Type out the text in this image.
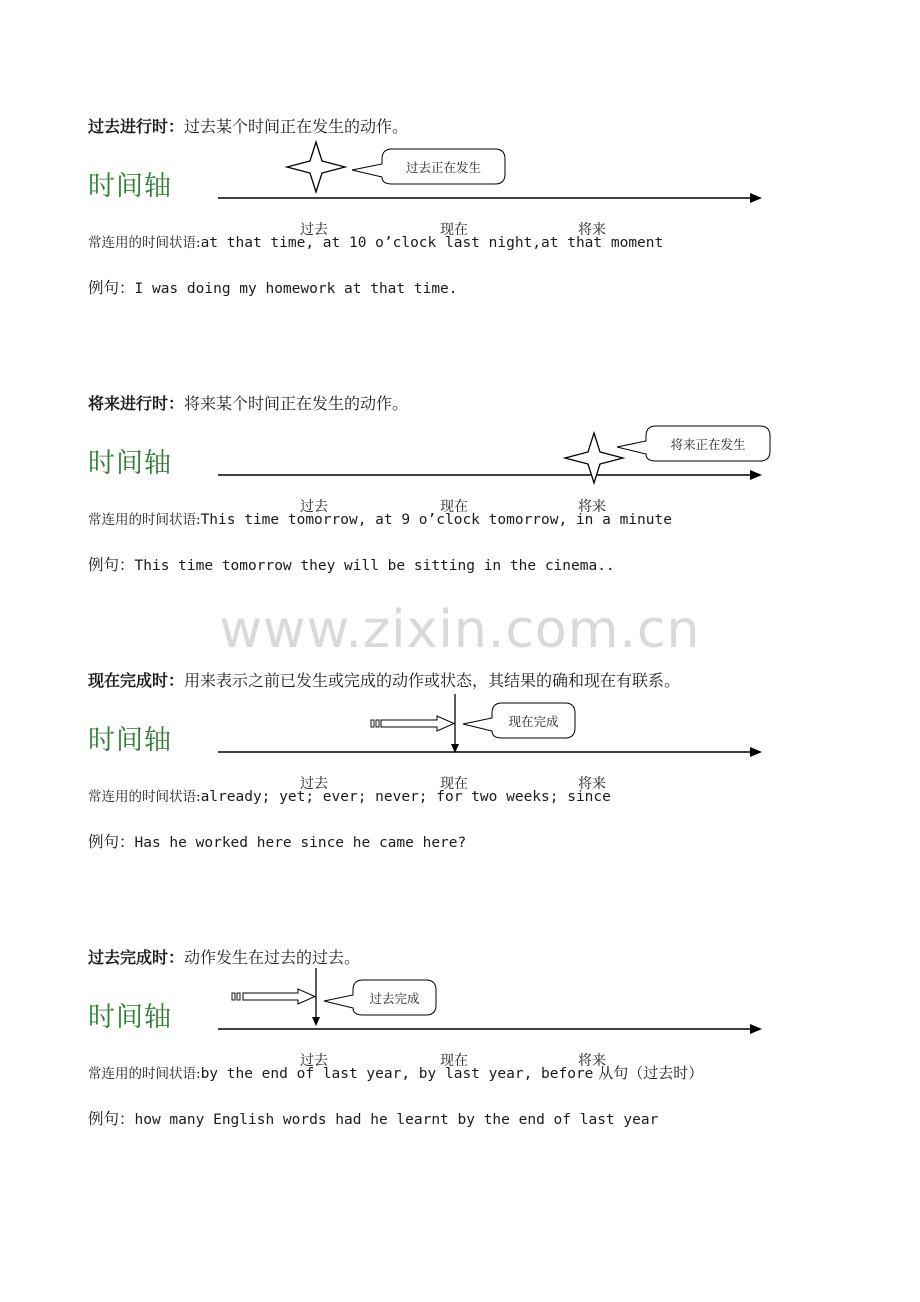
www.zixin.com.cn
过去进行时：过去某个时间正在发生的动作。
时间轴
过去正在发生
过去	现在	将来
常连用的时间状语:at that time, at 10 o’clock last night,at that moment
例句：I was doing my homework at that time.
将来进行时：将来某个时间正在发生的动作。
时间轴
将来正在发生
过去	现在	将来
常连用的时间状语:This time tomorrow, at 9 o’clock tomorrow, in a minute
例句：This time tomorrow they will be sitting in the cinema..
现在完成时：用来表示之前已发生或完成的动作或状态，其结果的确和现在有联系。
时间轴
现在完成
过去	现在	将来
常连用的时间状语:already; yet; ever; never; for two weeks; since
例句：Has he worked here since he came here?
过去完成时：动作发生在过去的过去。
时间轴
过去完成
过去	现在	将来
常连用的时间状语:by the end of last year, by last year, before 从句（过去时）
例句：how many English words had he learnt by the end of last year
